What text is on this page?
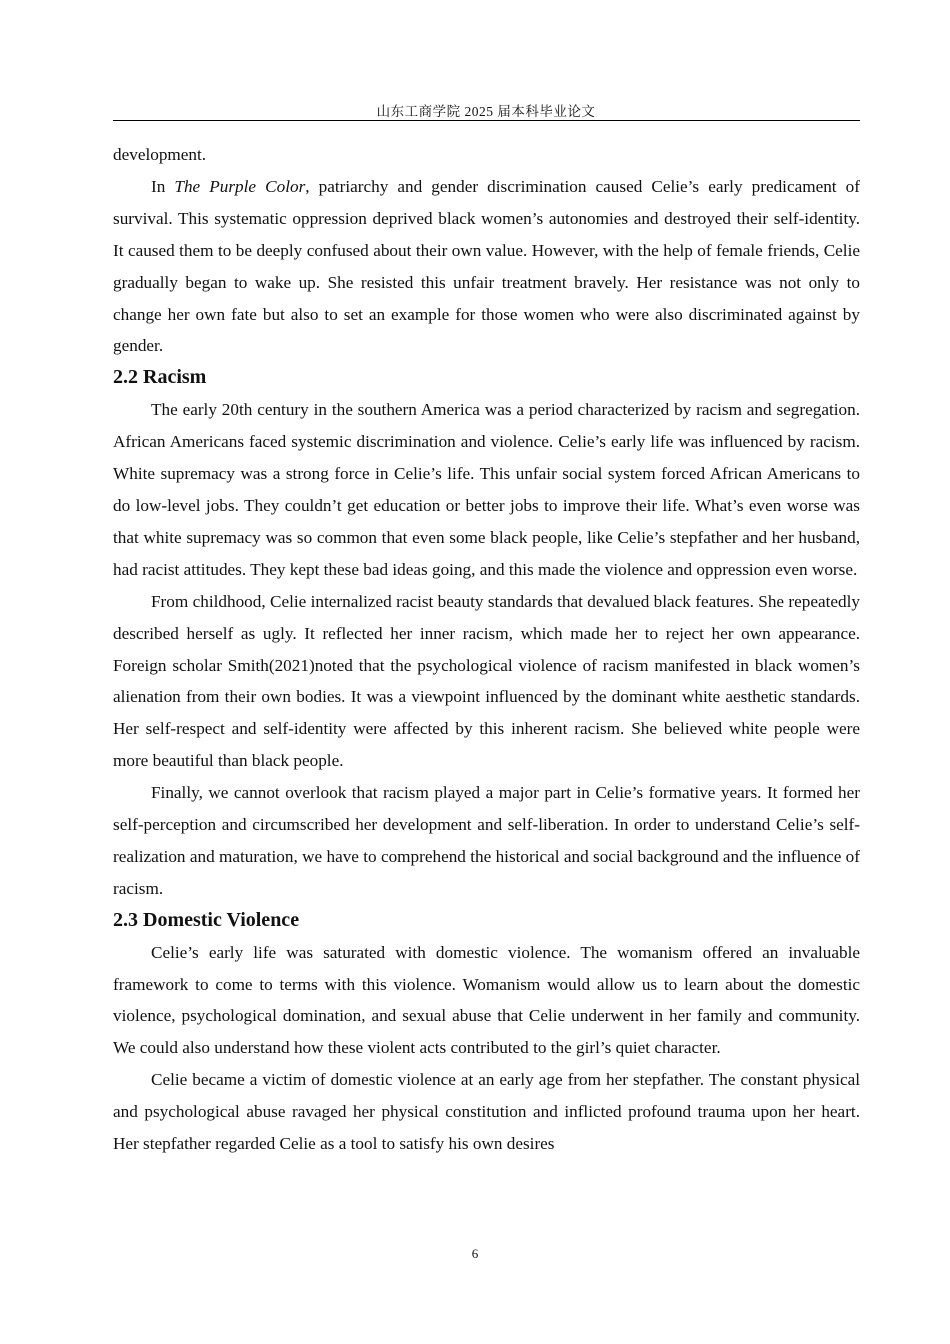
山东工商学院 2025 届本科毕业论文

development.

In The Purple Color, patriarchy and gender discrimination caused Celie’s early predicament of survival. This systematic oppression deprived black women’s autonomies and destroyed their self-identity. It caused them to be deeply confused about their own value. However, with the help of female friends, Celie gradually began to wake up. She resisted this unfair treatment bravely. Her resistance was not only to change her own fate but also to set an example for those women who were also discriminated against by gender.

2.2 Racism

The early 20th century in the southern America was a period characterized by racism and segregation. African Americans faced systemic discrimination and violence. Celie’s early life was influenced by racism. White supremacy was a strong force in Celie’s life. This unfair social system forced African Americans to do low-level jobs. They couldn’t get education or better jobs to improve their life. What’s even worse was that white supremacy was so common that even some black people, like Celie’s stepfather and her husband, had racist attitudes. They kept these bad ideas going, and this made the violence and oppression even worse.

From childhood, Celie internalized racist beauty standards that devalued black features. She repeatedly described herself as ugly. It reflected her inner racism, which made her to reject her own appearance. Foreign scholar Smith(2021)noted that the psychological violence of racism manifested in black women’s alienation from their own bodies. It was a viewpoint influenced by the dominant white aesthetic standards. Her self-respect and self-identity were affected by this inherent racism. She believed white people were more beautiful than black people.

Finally, we cannot overlook that racism played a major part in Celie’s formative years. It formed her self-perception and circumscribed her development and self-liberation. In order to understand Celie’s self-realization and maturation, we have to comprehend the historical and social background and the influence of racism.

2.3 Domestic Violence

Celie’s early life was saturated with domestic violence. The womanism offered an invaluable framework to come to terms with this violence. Womanism would allow us to learn about the domestic violence, psychological domination, and sexual abuse that Celie underwent in her family and community. We could also understand how these violent acts contributed to the girl’s quiet character.

Celie became a victim of domestic violence at an early age from her stepfather. The constant physical and psychological abuse ravaged her physical constitution and inflicted profound trauma upon her heart. Her stepfather regarded Celie as a tool to satisfy his own desires

6
